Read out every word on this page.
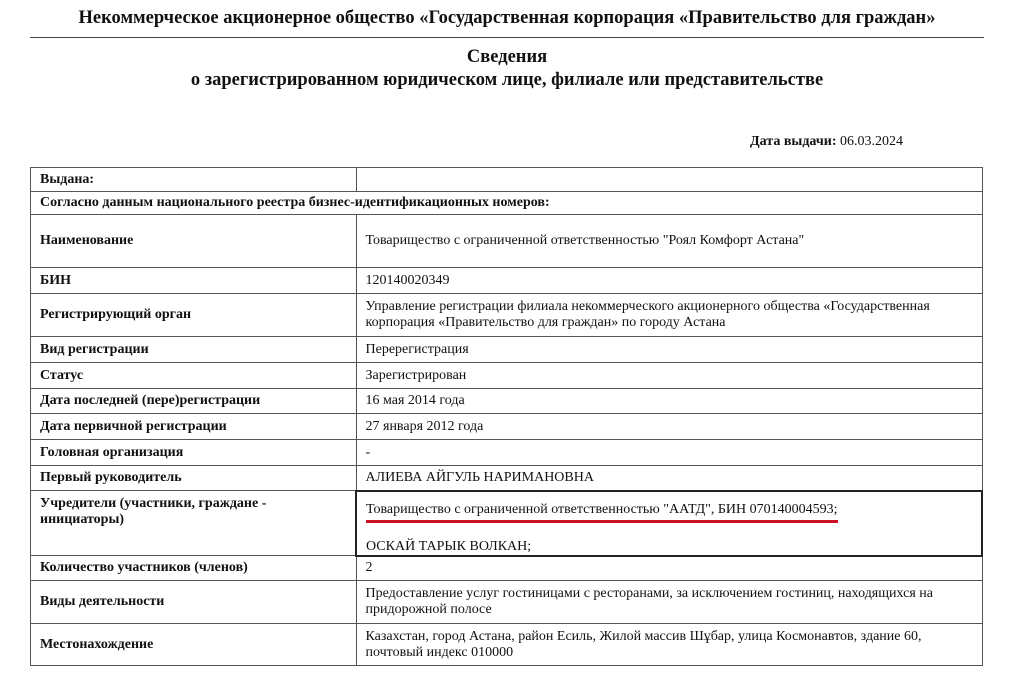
Некоммерческое акционерное общество «Государственная корпорация «Правительство для граждан»
Сведения
о зарегистрированном юридическом лице, филиале или представительстве
Дата выдачи: 06.03.2024
Выдана:	
Согласно данным национального реестра бизнес-идентификационных номеров:	
Наименование	Товарищество с ограниченной ответственностью "Роял Комфорт Астана"
БИН	120140020349
Регистрирующий орган	Управление регистрации филиала некоммерческого акционерного общества «Государственная корпорация «Правительство для граждан» по городу Астана
Вид регистрации	Перерегистрация
Статус	Зарегистрирован
Дата последней (пере)регистрации	16 мая 2014 года
Дата первичной регистрации	27 января 2012 года
Головная организация	-
Первый руководитель	АЛИЕВА АЙГУЛЬ НАРИМАНОВНА
Учредители (участники, граждане - инициаторы)	Товарищество с ограниченной ответственностью "ААТД", БИН 070140004593;
ОСКАЙ ТАРЫК ВОЛКАН;

Количество участников (членов)	2
Виды деятельности	Предоставление услуг гостиницами с ресторанами, за исключением гостиниц, находящихся на придорожной полосе
Местонахождение	Казахстан, город Астана, район Есиль, Жилой массив Шұбар, улица Космонавтов, здание 60, почтовый индекс 010000
